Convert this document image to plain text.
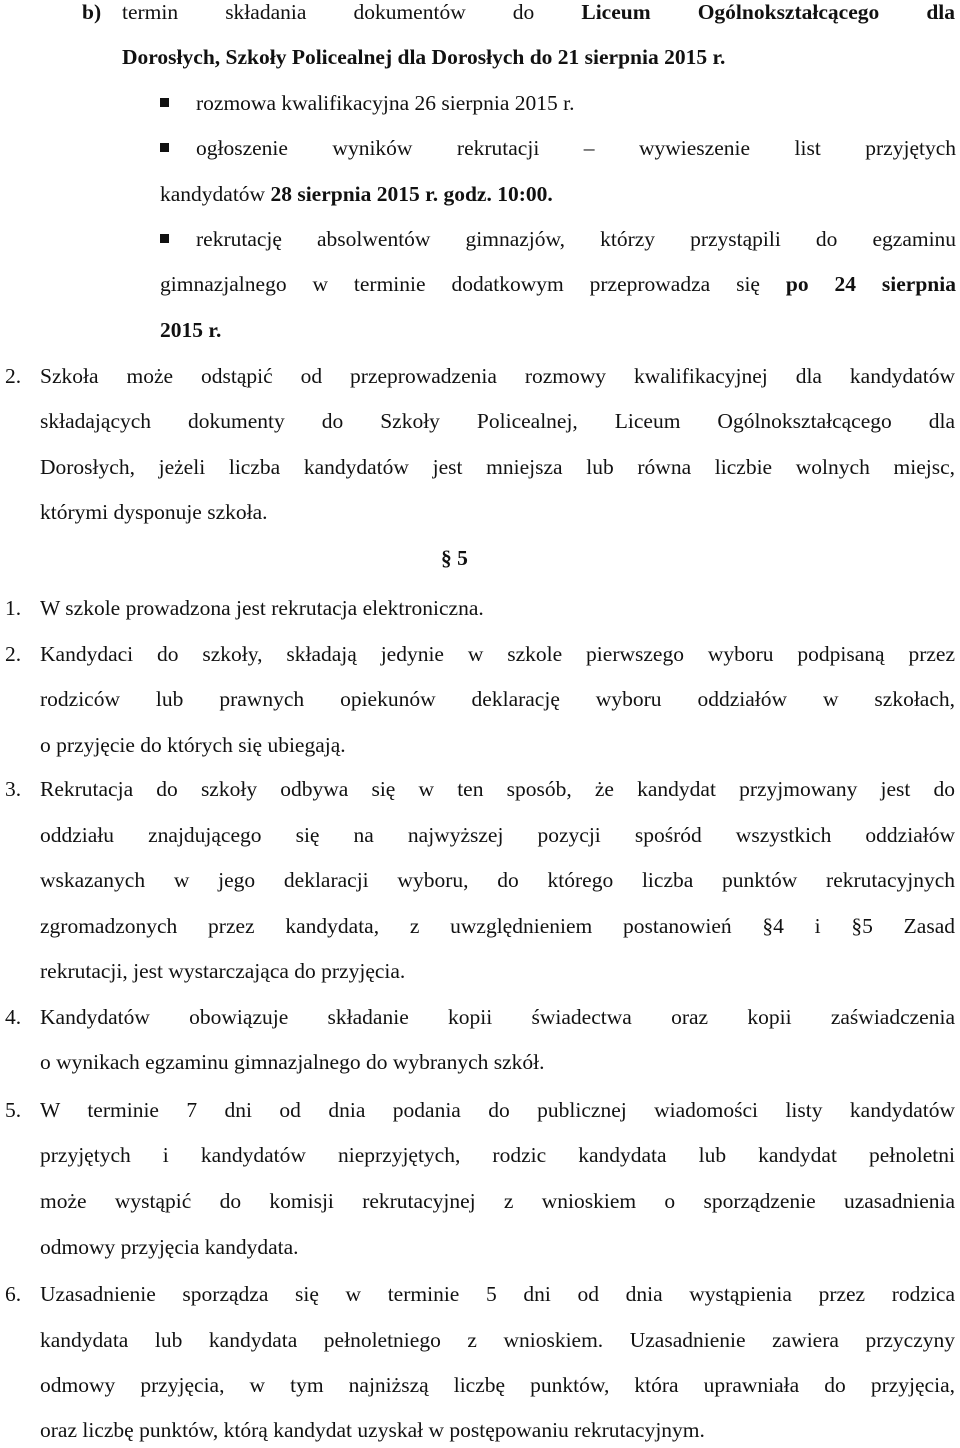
b) termin składania dokumentów do Liceum Ogólnokształcącego dla
Dorosłych, Szkoły Policealnej dla Dorosłych do 21 sierpnia 2015 r.
rozmowa kwalifikacyjna 26 sierpnia 2015 r.
ogłoszenie wyników rekrutacji – wywieszenie list przyjętych
kandydatów 28 sierpnia 2015 r. godz. 10:00.
rekrutację absolwentów gimnazjów, którzy przystąpili do egzaminu
gimnazjalnego w terminie dodatkowym przeprowadza się po 24 sierpnia
2015 r.
2. Szkoła może odstąpić od przeprowadzenia rozmowy kwalifikacyjnej dla kandydatów
składających dokumenty do Szkoły Policealnej, Liceum Ogólnokształcącego dla
Dorosłych, jeżeli liczba kandydatów jest mniejsza lub równa liczbie wolnych miejsc,
którymi dysponuje szkoła.
§ 5
1. W szkole prowadzona jest rekrutacja elektroniczna.
2. Kandydaci do szkoły, składają jedynie w szkole pierwszego wyboru podpisaną przez
rodziców lub prawnych opiekunów deklarację wyboru oddziałów w szkołach,
o przyjęcie do których się ubiegają.
3. Rekrutacja do szkoły odbywa się w ten sposób, że kandydat przyjmowany jest do
oddziału znajdującego się na najwyższej pozycji spośród wszystkich oddziałów
wskazanych w jego deklaracji wyboru, do którego liczba punktów rekrutacyjnych
zgromadzonych przez kandydata, z uwzględnieniem postanowień §4 i §5 Zasad
rekrutacji, jest wystarczająca do przyjęcia.
4. Kandydatów obowiązuje składanie kopii świadectwa oraz kopii zaświadczenia
o wynikach egzaminu gimnazjalnego do wybranych szkół.
5. W terminie 7 dni od dnia podania do publicznej wiadomości listy kandydatów
przyjętych i kandydatów nieprzyjętych, rodzic kandydata lub kandydat pełnoletni
może wystąpić do komisji rekrutacyjnej z wnioskiem o sporządzenie uzasadnienia
odmowy przyjęcia kandydata.
6. Uzasadnienie sporządza się w terminie 5 dni od dnia wystąpienia przez rodzica
kandydata lub kandydata pełnoletniego z wnioskiem. Uzasadnienie zawiera przyczyny
odmowy przyjęcia, w tym najniższą liczbę punktów, która uprawniała do przyjęcia,
oraz liczbę punktów, którą kandydat uzyskał w postępowaniu rekrutacyjnym.
